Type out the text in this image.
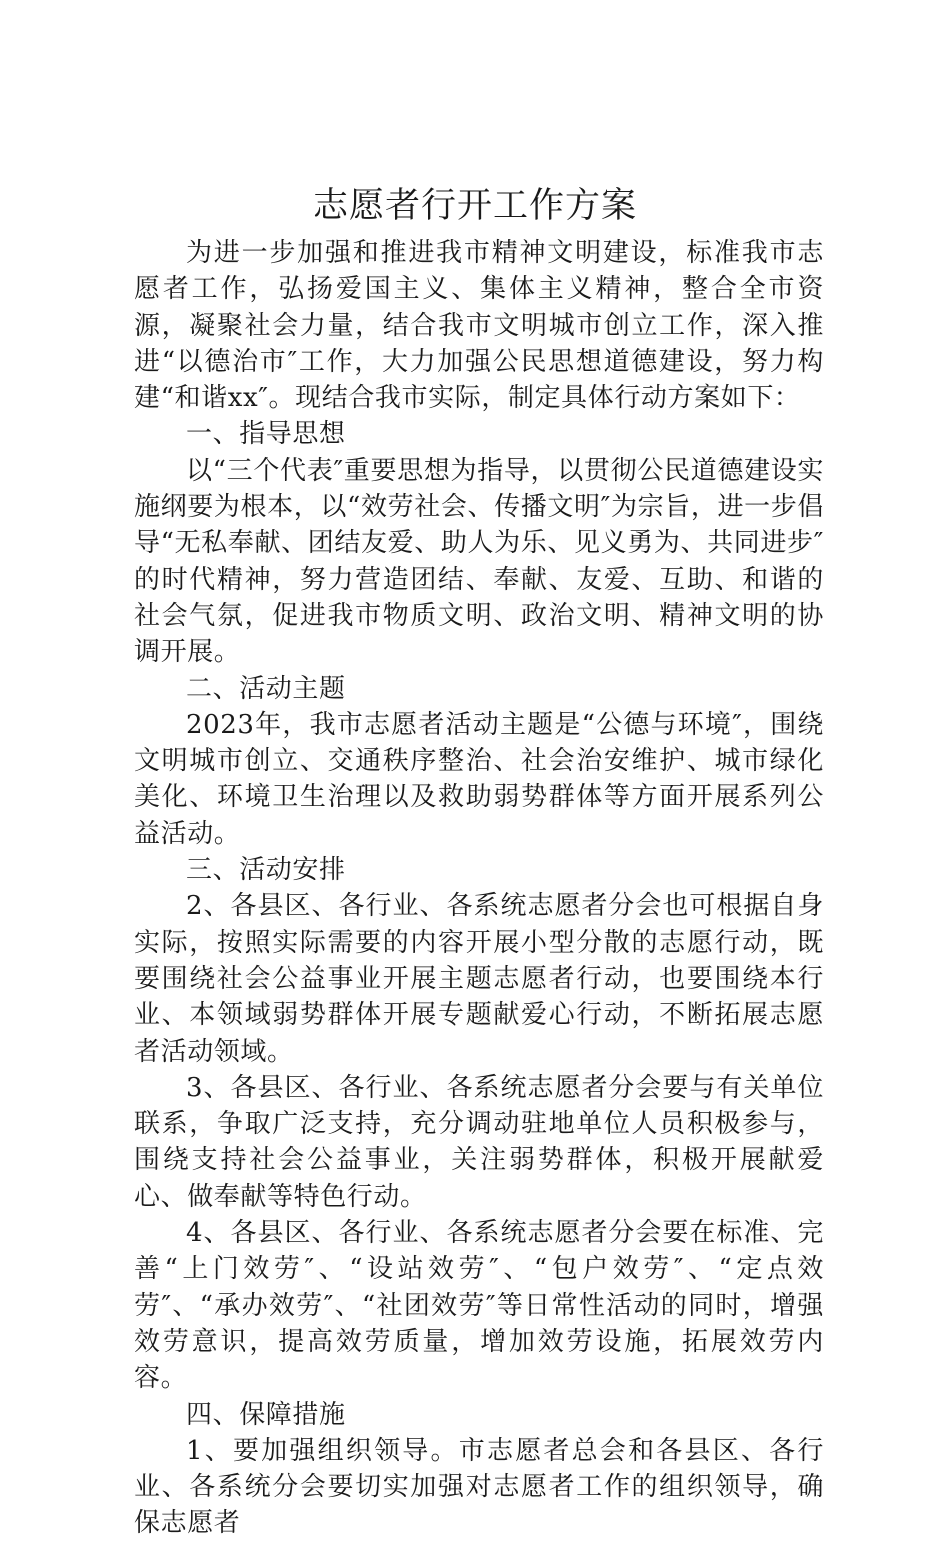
志愿者行开工作方案

为进一步加强和推进我市精神文明建设，标准我市志愿者工作，弘扬爱国主义、集体主义精神，整合全市资源，凝聚社会力量，结合我市文明城市创立工作，深入推进“以德治市″工作，大力加强公民思想道德建设，努力构建“和谐xx″。现结合我市实际，制定具体行动方案如下：

一、指导思想

以“三个代表″重要思想为指导，以贯彻公民道德建设实施纲要为根本，以“效劳社会、传播文明″为宗旨，进一步倡导“无私奉献、团结友爱、助人为乐、见义勇为、共同进步″的时代精神，努力营造团结、奉献、友爱、互助、和谐的社会气氛，促进我市物质文明、政治文明、精神文明的协调开展。

二、活动主题

2023年，我市志愿者活动主题是“公德与环境″，围绕文明城市创立、交通秩序整治、社会治安维护、城市绿化美化、环境卫生治理以及救助弱势群体等方面开展系列公益活动。

三、活动安排

2、各县区、各行业、各系统志愿者分会也可根据自身实际，按照实际需要的内容开展小型分散的志愿行动，既要围绕社会公益事业开展主题志愿者行动，也要围绕本行业、本领域弱势群体开展专题献爱心行动，不断拓展志愿者活动领域。

3、各县区、各行业、各系统志愿者分会要与有关单位联系，争取广泛支持，充分调动驻地单位人员积极参与，围绕支持社会公益事业，关注弱势群体，积极开展献爱心、做奉献等特色行动。

4、各县区、各行业、各系统志愿者分会要在标准、完善“上门效劳″、“设站效劳″、“包户效劳″、“定点效劳″、“承办效劳″、“社团效劳″等日常性活动的同时，增强效劳意识，提高效劳质量，增加效劳设施，拓展效劳内容。

四、保障措施

1、要加强组织领导。市志愿者总会和各县区、各行业、各系统分会要切实加强对志愿者工作的组织领导，确保志愿者
